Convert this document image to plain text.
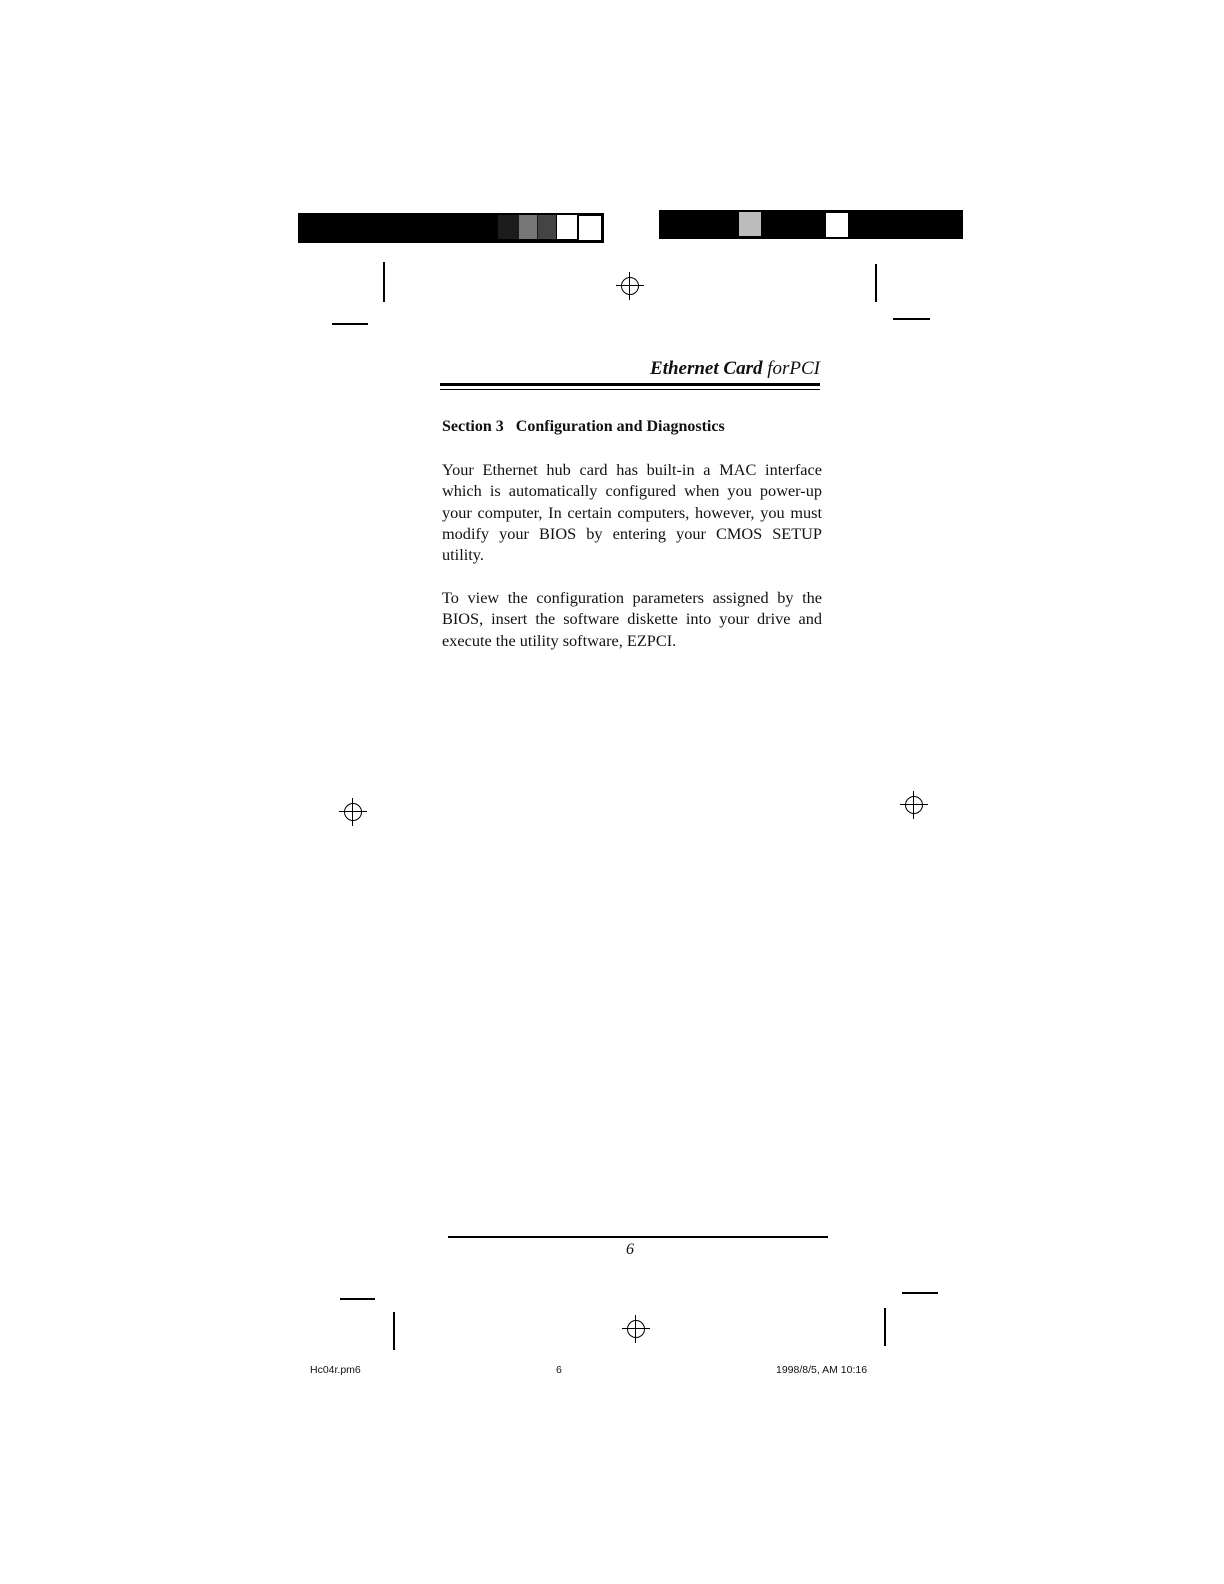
Ethernet Card forPCI
Section 3 Configuration and Diagnostics
Your Ethernet hub card has built-in a MAC interface which is automatically configured when you power-up your computer, In certain computers, however, you must modify your BIOS by entering your CMOS SETUP utility.
To view the configuration parameters assigned by the BIOS, insert the software diskette into your drive and execute the utility software, EZPCI.
6
Hc04r.pm6	6	1998/8/5, AM 10:16
